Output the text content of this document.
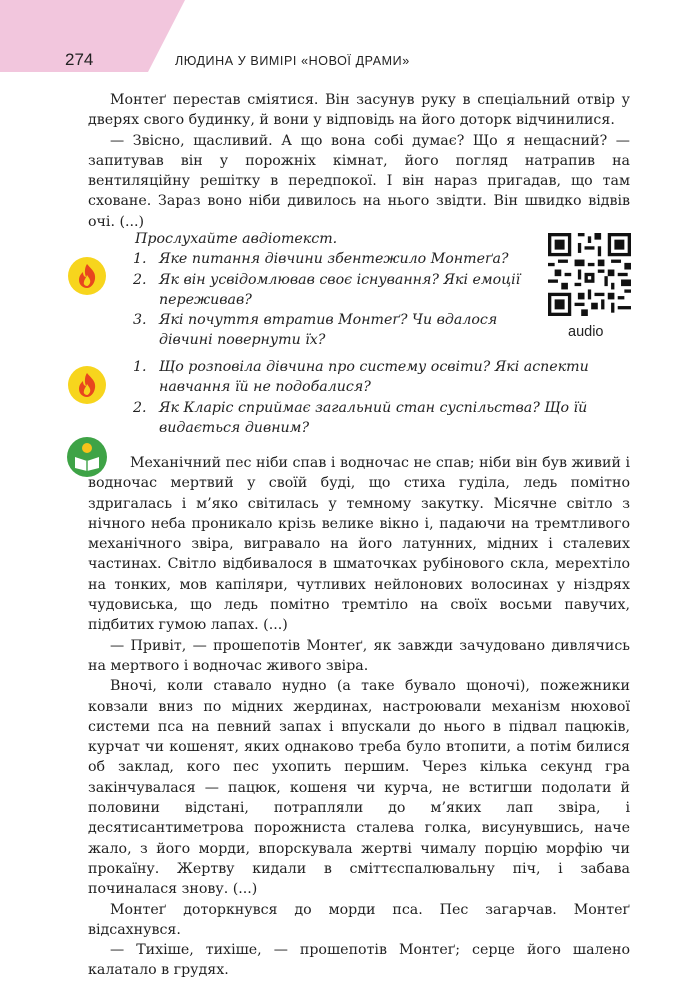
274	ЛЮДИНА У ВИМІРІ «НОВОЇ ДРАМИ»

Монтеґ перестав сміятися. Він засунув руку в спеціальний отвір у дверях свого будинку, й вони у відповідь на його доторк відчинилися.

— Звісно, щасливий. А що вона собі думає? Що я нещасний? — запитував він у порожніх кімнат, його погляд натрапив на вентиляційну решітку в передпокої. І він нараз пригадав, що там сховане. Зараз воно ніби дивилось на нього звідти. Він швидко відвів очі. (...)

Прослухайте авдіотекст.

1. Яке питання дівчини збентежило Монтеґа?
2. Як він усвідомлював своє існування? Які емоції переживав?
3. Які почуття втратив Монтеґ? Чи вдалося дівчині повернути їх?
audio
1. Що розповіла дівчина про систему освіти? Які аспекти навчання їй не подобалися?
2. Як Кларіс сприймає загальний стан суспільства? Що їй видається дивним?

Механічний пес ніби спав і водночас не спав; ніби він був живий і водночас мертвий у своїй буді, що стиха гуділа, ледь помітно здригалась і м’яко світилась у темному закутку. Місячне світло з нічного неба проникало крізь велике вікно і, падаючи на тремтливого механічного звіра, вигравало на його латунних, мідних і сталевих частинах. Світло відбивалося в шматочках рубінового скла, мерехтіло на тонких, мов капіляри, чутливих нейлонових волосинах у ніздрях чудовиська, що ледь помітно тремтіло на своїх восьми павучих, підбитих гумою лапах. (...)

— Привіт, — прошепотів Монтеґ, як завжди зачудовано дивлячись на мертвого і водночас живого звіра.

Вночі, коли ставало нудно (а таке бувало щоночі), пожежники ковзали вниз по мідних жердинах, настроювали механізм нюхової системи пса на певний запах і впускали до нього в підвал пацюків, курчат чи кошенят, яких однаково треба було втопити, а потім билися об заклад, кого пес ухопить першим. Через кілька секунд гра закінчувалася — пацюк, кошеня чи курча, не встигши подолати й половини відстані, потрапляли до м’яких лап звіра, і десятисантиметрова порожниста сталева голка, висунувшись, наче жало, з його морди, впорскувала жертві чималу порцію морфію чи прокаїну. Жертву кидали в сміттєспалювальну піч, і забава починалася знову. (...)

Монтеґ доторкнувся до морди пса. Пес загарчав. Монтеґ відсахнувся.

— Тихіше, тихіше, — прошепотів Монтеґ; серце його шалено калатало в грудях.
